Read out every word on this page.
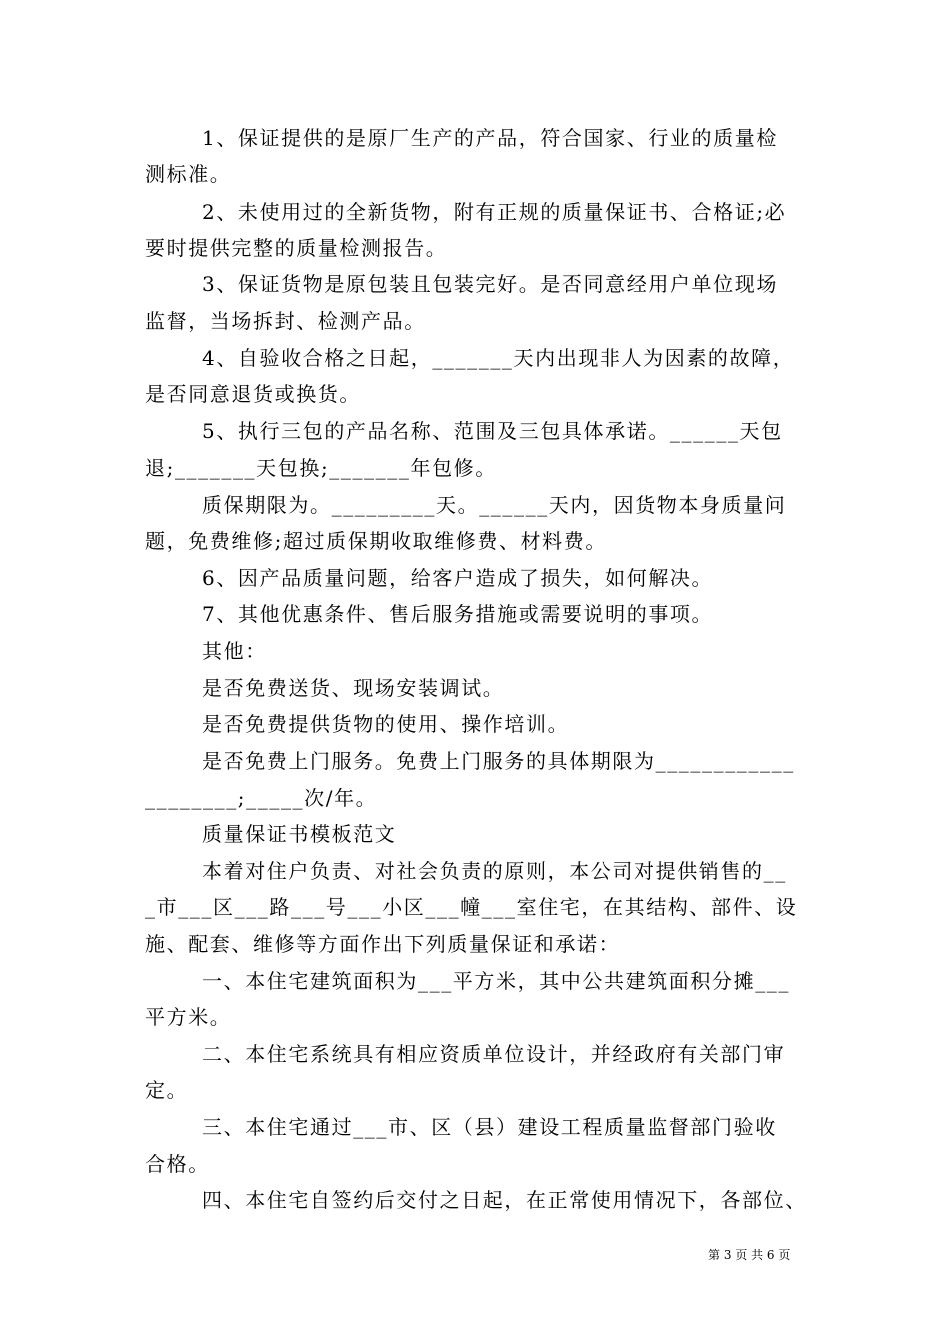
1、保证提供的是原厂生产的产品，符合国家、行业的质量检
测标准。
2、未使用过的全新货物，附有正规的质量保证书、合格证;必
要时提供完整的质量检测报告。
3、保证货物是原包装且包装完好。是否同意经用户单位现场
监督，当场拆封、检测产品。
4、自验收合格之日起，_______天内出现非人为因素的故障，
是否同意退货或换货。
5、执行三包的产品名称、范围及三包具体承诺。______天包
退;_______天包换;_______年包修。
质保期限为。_________天。______天内，因货物本身质量问
题，免费维修;超过质保期收取维修费、材料费。
6、因产品质量问题，给客户造成了损失，如何解决。
7、其他优惠条件、售后服务措施或需要说明的事项。
其他：
是否免费送货、现场安装调试。
是否免费提供货物的使用、操作培训。
是否免费上门服务。免费上门服务的具体期限为____________
________;_____次/年。
质量保证书模板范文
本着对住户负责、对社会负责的原则，本公司对提供销售的__
_市___区___路___号___小区___幢___室住宅，在其结构、部件、设
施、配套、维修等方面作出下列质量保证和承诺：
一、本住宅建筑面积为___平方米，其中公共建筑面积分摊___
平方米。
二、本住宅系统具有相应资质单位设计，并经政府有关部门审
定。
三、本住宅通过___市、区（县）建设工程质量监督部门验收
合格。
四、本住宅自签约后交付之日起，在正常使用情况下，各部位、
第 3 页 共 6 页
